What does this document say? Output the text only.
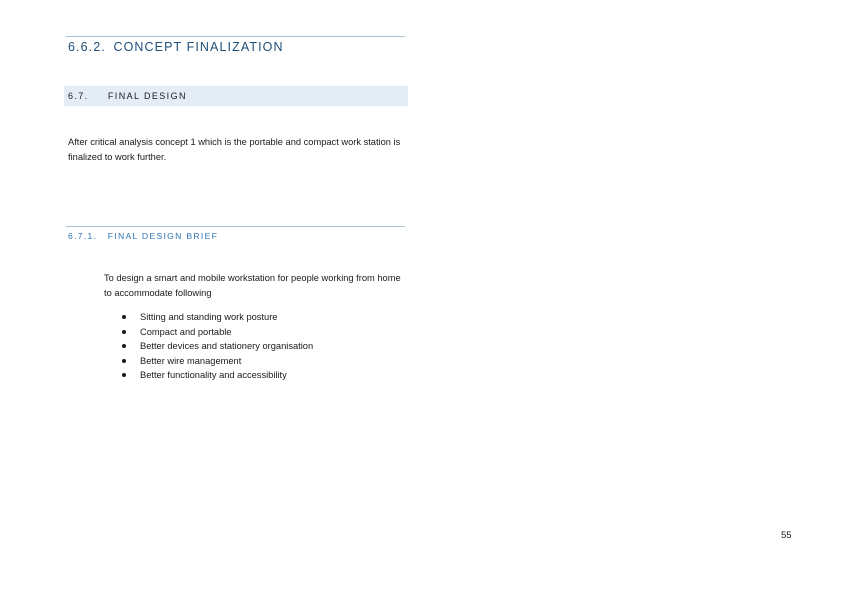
6.6.2. CONCEPT FINALIZATION
6.7. FINAL DESIGN
After critical analysis concept 1 which is the portable and compact work station is finalized to work further.
6.7.1. FINAL DESIGN BRIEF
To design a smart and mobile workstation for people working from home to accommodate following
Sitting and standing work posture
Compact and portable
Better devices and stationery organisation
Better wire management
Better functionality and accessibility
55
